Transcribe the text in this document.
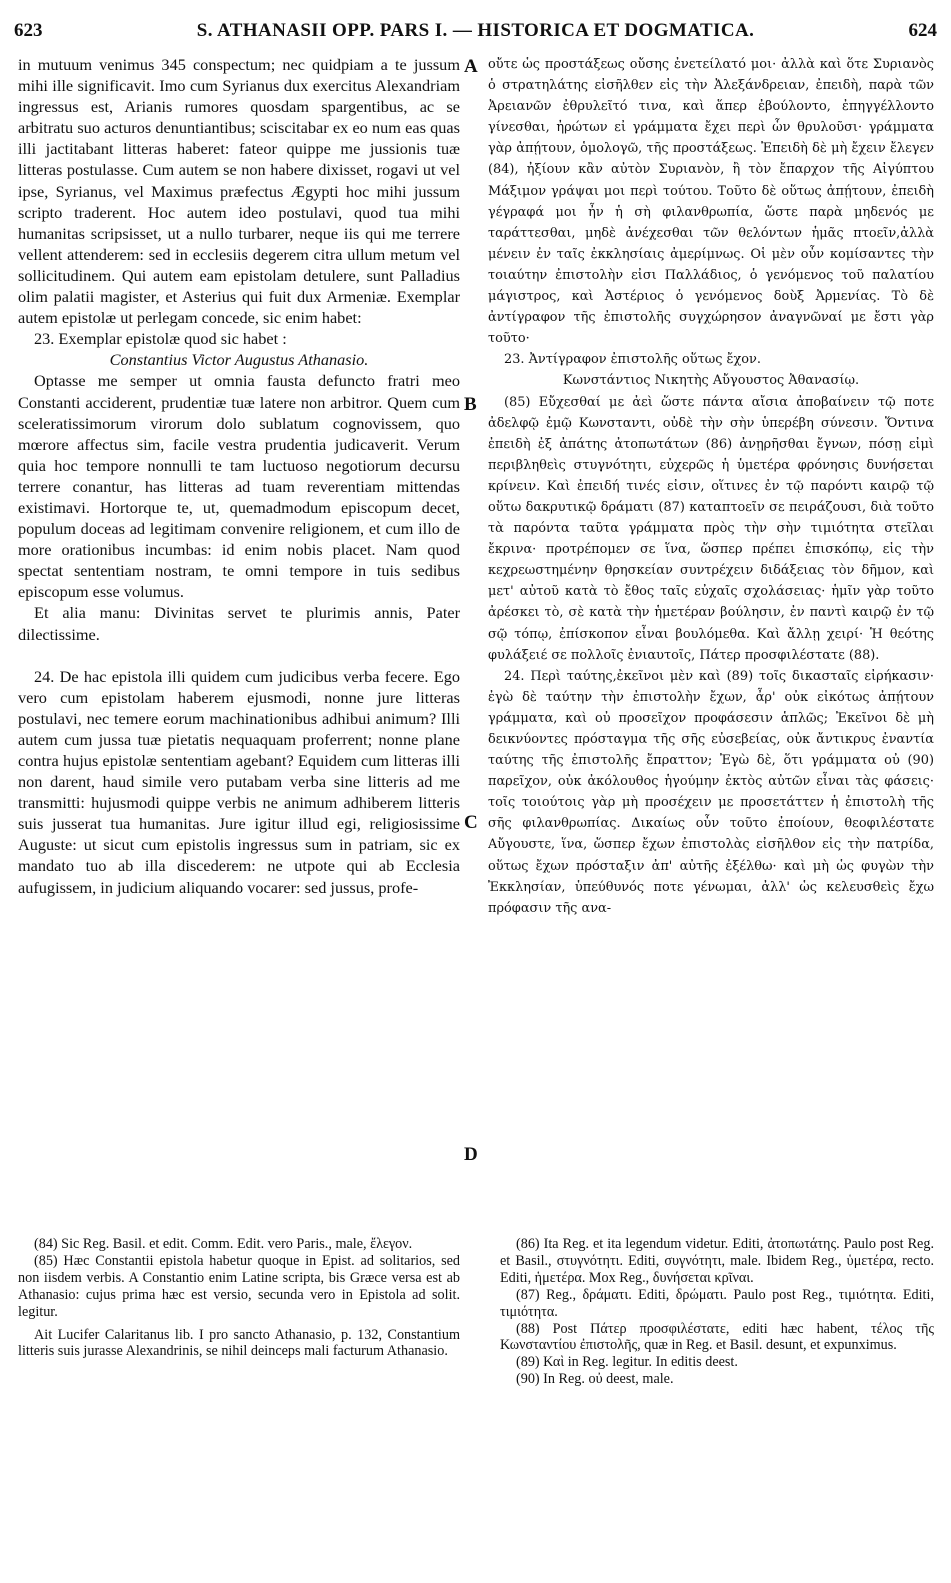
623	S. ATHANASII OPP. PARS I. — HISTORICA ET DOGMATICA.	624

in mutuum venimus 345 conspectum; nec quidpiam a te jussum mihi ille significavit. Imo cum Syrianus dux exercitus Alexandriam ingressus est, Arianis rumores quosdam spargentibus, ac se arbitratu suo acturos denuntiantibus; sciscitabar ex eo num eas quas illi jactitabant litteras haberet: fateor quippe me jussionis tuæ litteras postulasse. Cum autem se non habere dixisset, rogavi ut vel ipse, Syrianus, vel Maximus præfectus Ægypti hoc mihi jussum scripto traderent. Hoc autem ideo postulavi, quod tua mihi humanitas scripsisset, ut a nullo turbarer, neque iis qui me terrere vellent attenderem: sed in ecclesiis degerem citra ullum metum vel sollicitudinem. Qui autem eam epistolam detulere, sunt Palladius olim palatii magister, et Asterius qui fuit dux Armeniæ. Exemplar autem epistolæ ut perlegam concede, sic enim habet:

23. Exemplar epistolæ quod sic habet :

Constantius Victor Augustus Athanasio.

Optasse me semper ut omnia fausta defuncto fratri meo Constanti acciderent, prudentiæ tuæ latere non arbitror. Quem cum sceleratissimorum virorum dolo sublatum cognovissem, quo mœrore affectus sim, facile vestra prudentia judicaverit. Verum quia hoc tempore nonnulli te tam luctuoso negotiorum decursu terrere conantur, has litteras ad tuam reverentiam mittendas existimavi. Hortorque te, ut, quemadmodum episcopum decet, populum doceas ad legitimam convenire religionem, et cum illo de more orationibus incumbas: id enim nobis placet. Nam quod spectat sententiam nostram, te omni tempore in tuis sedibus episcopum esse volumus.

Et alia manu: Divinitas servet te plurimis annis, Pater dilectissime.

24. De hac epistola illi quidem cum judicibus verba fecere. Ego vero cum epistolam haberem ejusmodi, nonne jure litteras postulavi, nec temere eorum machinationibus adhibui animum? Illi autem cum jussa tuæ pietatis nequaquam proferrent; nonne plane contra hujus epistolæ sententiam agebant? Equidem cum litteras illi non darent, haud simile vero putabam verba sine litteris ad me transmitti: hujusmodi quippe verbis ne animum adhiberem litteris suis jusserat tua humanitas. Jure igitur illud egi, religiosissime Auguste: ut sicut cum epistolis ingressus sum in patriam, sic ex mandato tuo ab illa discederem: ne utpote qui ab Ecclesia aufugissem, in judicium aliquando vocarer: sed jussus, profe-

οὔτε ὡς προστάξεως οὔσης ἐνετείλατό μοι· ἀλλὰ καὶ ὅτε Συριανὸς ὁ στρατηλάτης εἰσῆλθεν εἰς τὴν Ἀλεξάνδρειαν, ἐπειδὴ, παρὰ τῶν Ἀρειανῶν ἐθρυλεῖτό τινα, καὶ ἅπερ ἐβούλοντο, ἐπηγγέλλοντο γίνεσθαι, ἠρώτων εἰ γράμματα ἔχει περὶ ὧν θρυλοῦσι· γράμματα γὰρ ἀπῄτουν, ὁμολογῶ, τῆς προστάξεως. Ἐπειδὴ δὲ μὴ ἔχειν ἔλεγεν (84), ἠξίουν κἂν αὐτὸν Συριανὸν, ἢ τὸν ἔπαρχον τῆς Αἰγύπτου Μάξιμον γράψαι μοι περὶ τούτου. Τοῦτο δὲ οὕτως ἀπῄτουν, ἐπειδὴ γέγραφά μοι ἦν ἡ σὴ φιλανθρωπία, ὥστε παρὰ μηδενός με ταράττεσθαι, μηδὲ ἀνέχεσθαι τῶν θελόντων ἡμᾶς πτοεῖν,ἀλλὰ μένειν ἐν ταῖς ἐκκλησίαις ἀμερίμνως. Οἱ μὲν οὖν κομίσαντες τὴν τοιαύτην ἐπιστολὴν εἰσι Παλλάδιος, ὁ γενόμενος τοῦ παλατίου μάγιστρος, καὶ Ἀστέριος ὁ γενόμενος δοὺξ Ἀρμενίας. Τὸ δὲ ἀντίγραφον τῆς ἐπιστολῆς συγχώρησον ἀναγνῶναί με ἔστι γὰρ τοῦτο·

23. Ἀντίγραφον ἐπιστολῆς οὕτως ἔχον.

Κωνστάντιος Νικητὴς Αὔγουστος Ἀθανασίῳ.

(85) Εὔχεσθαί με ἀεὶ ὥστε πάντα αἴσια ἀποβαίνειν τῷ ποτε ἀδελφῷ ἐμῷ Κωνσταντι, οὐδὲ τὴν σὴν ὑπερέβη σύνεσιν. Ὅντινα ἐπειδὴ ἐξ ἀπάτης ἀτοπωτάτων (86) ἀνῃρῆσθαι ἔγνων, πόσῃ εἰμὶ περιβληθεὶς στυγνότητι, εὐχερῶς ἡ ὑμετέρα φρόνησις δυνήσεται κρίνειν. Καὶ ἐπειδή τινές εἰσιν, οἵτινες ἐν τῷ παρόντι καιρῷ τῷ οὕτω δακρυτικῷ δράματι (87) καταπτοεῖν σε πειράζουσι, διὰ τοῦτο τὰ παρόντα ταῦτα γράμματα πρὸς τὴν σὴν τιμιότητα στεῖλαι ἔκρινα· προτρέπομεν σε ἵνα, ὥσπερ πρέπει ἐπισκόπῳ, εἰς τὴν κεχρεωστημένην θρησκείαν συντρέχειν διδάξειας τὸν δῆμον, καὶ μετ' αὐτοῦ κατὰ τὸ ἔθος ταῖς εὐχαῖς σχολάσειας· ἡμῖν γὰρ τοῦτο ἀρέσκει τὸ, σὲ κατὰ τὴν ἡμετέραν βούλησιν, ἐν παντὶ καιρῷ ἐν τῷ σῷ τόπῳ, ἐπίσκοπον εἶναι βουλόμεθα. Καὶ ἄλλῃ χειρί· Ἡ θεότης φυλάξειέ σε πολλοῖς ἐνιαυτοῖς, Πάτερ προσφιλέστατε (88).

24. Περὶ ταύτης,ἐκεῖνοι μὲν καὶ (89) τοῖς δικασταῖς εἰρήκασιν· ἐγὼ δὲ ταύτην τὴν ἐπιστολὴν ἔχων, ἆρ' οὐκ εἰκότως ἀπῄτουν γράμματα, καὶ οὐ προσεῖχον προφάσεσιν ἁπλῶς; Ἐκεῖνοι δὲ μὴ δεικνύοντες πρόσταγμα τῆς σῆς εὐσεβείας, οὐκ ἄντικρυς ἐναντία ταύτης τῆς ἐπιστολῆς ἔπραττον; Ἐγὼ δὲ, ὅτι γράμματα οὐ (90) παρεῖχον, οὐκ ἀκόλουθος ἡγούμην ἐκτὸς αὐτῶν εἶναι τὰς φάσεις· τοῖς τοιούτοις γὰρ μὴ προσέχειν με προσετάττεν ἡ ἐπιστολὴ τῆς σῆς φιλανθρωπίας. Δικαίως οὖν τοῦτο ἐποίουν, θεοφιλέστατε Αὔγουστε, ἵνα, ὥσπερ ἔχων ἐπιστολὰς εἰσῆλθον εἰς τὴν πατρίδα, οὕτως ἔχων πρόσταξιν ἀπ' αὐτῆς ἐξέλθω· καὶ μὴ ὡς φυγὼν τὴν Ἐκκλησίαν, ὑπεύθυνός ποτε γένωμαι, ἀλλ' ὡς κελευσθεὶς ἔχω πρόφασιν τῆς ανα-

A
B
C
D

(84) Sic Reg. Basil. et edit. Comm. Edit. vero Paris., male, ἔλεγον.

(85) Hæc Constantii epistola habetur quoque in Epist. ad solitarios, sed non iisdem verbis. A Constantio enim Latine scripta, bis Græce versa est ab Athanasio: cujus prima hæc est versio, secunda vero in Epistola ad solit. legitur.

Ait Lucifer Calaritanus lib. I pro sancto Athanasio, p. 132, Constantium litteris suis jurasse Alexandrinis, se nihil deinceps mali facturum Athanasio.

(86) Ita Reg. et ita legendum videtur. Editi, ἀτοπωτάτης. Paulo post Reg. et Basil., στυγνότητι. Editi, συγνότητι, male. Ibidem Reg., ὑμετέρα, recto. Editi, ἡμετέρα. Mox Reg., δυνήσεται κρῖναι.

(87) Reg., δράματι. Editi, δρώματι. Paulo post Reg., τιμιότητα. Editi, τιμιότητα.

(88) Post Πάτερ προσφιλέστατε, editi hæc habent, τέλος τῆς Κωνσταντίου ἐπιστολῆς, quæ in Reg. et Basil. desunt, et expunximus.

(89) Καὶ in Reg. legitur. In editis deest.

(90) In Reg. οὐ deest, male.
